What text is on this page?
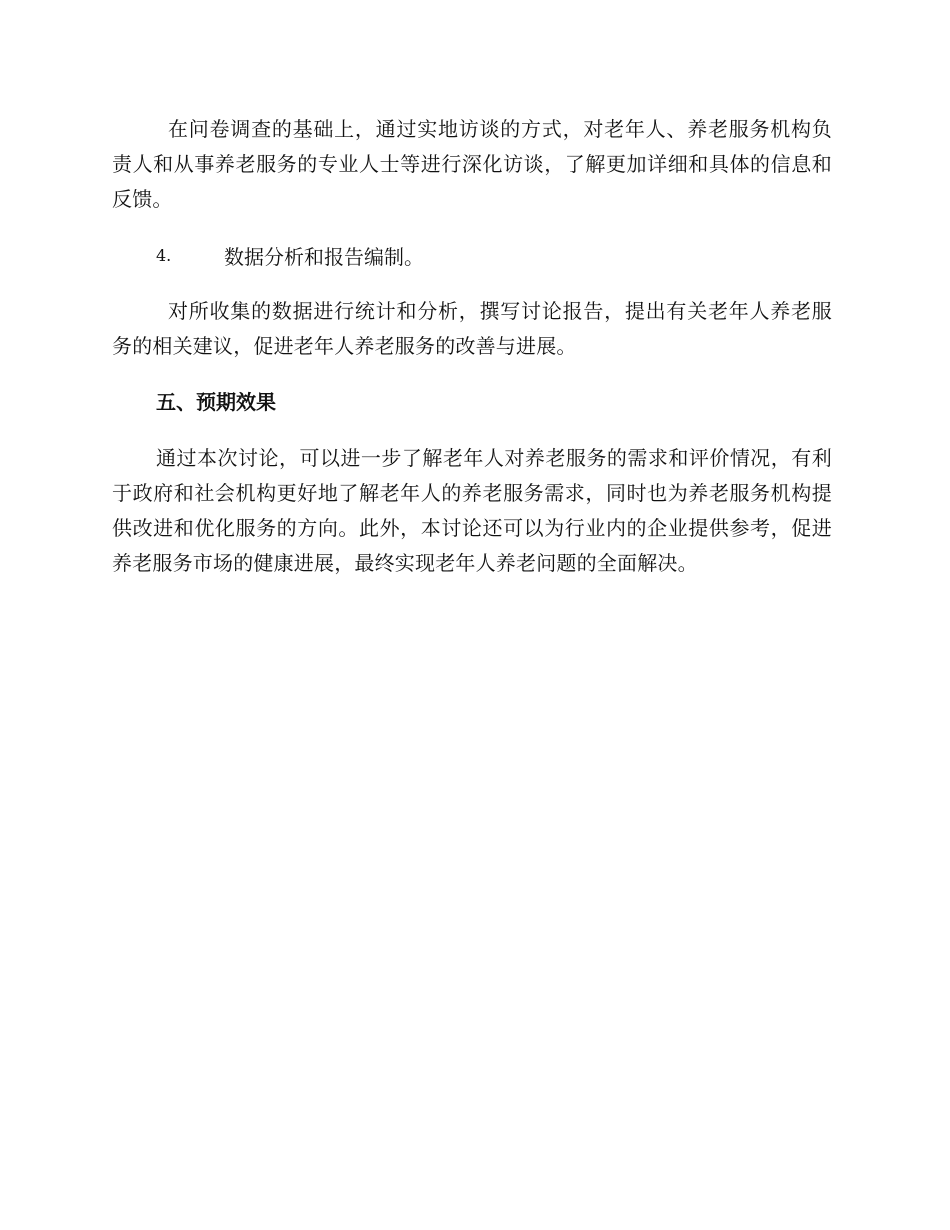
在问卷调查的基础上，通过实地访谈的方式，对老年人、养老服务机构负责人和从事养老服务的专业人士等进行深化访谈，了解更加详细和具体的信息和反馈。

4.	数据分析和报告编制。

对所收集的数据进行统计和分析，撰写讨论报告，提出有关老年人养老服务的相关建议，促进老年人养老服务的改善与进展。

五、预期效果

通过本次讨论，可以进一步了解老年人对养老服务的需求和评价情况，有利于政府和社会机构更好地了解老年人的养老服务需求，同时也为养老服务机构提供改进和优化服务的方向。此外，本讨论还可以为行业内的企业提供参考，促进养老服务市场的健康进展，最终实现老年人养老问题的全面解决。
